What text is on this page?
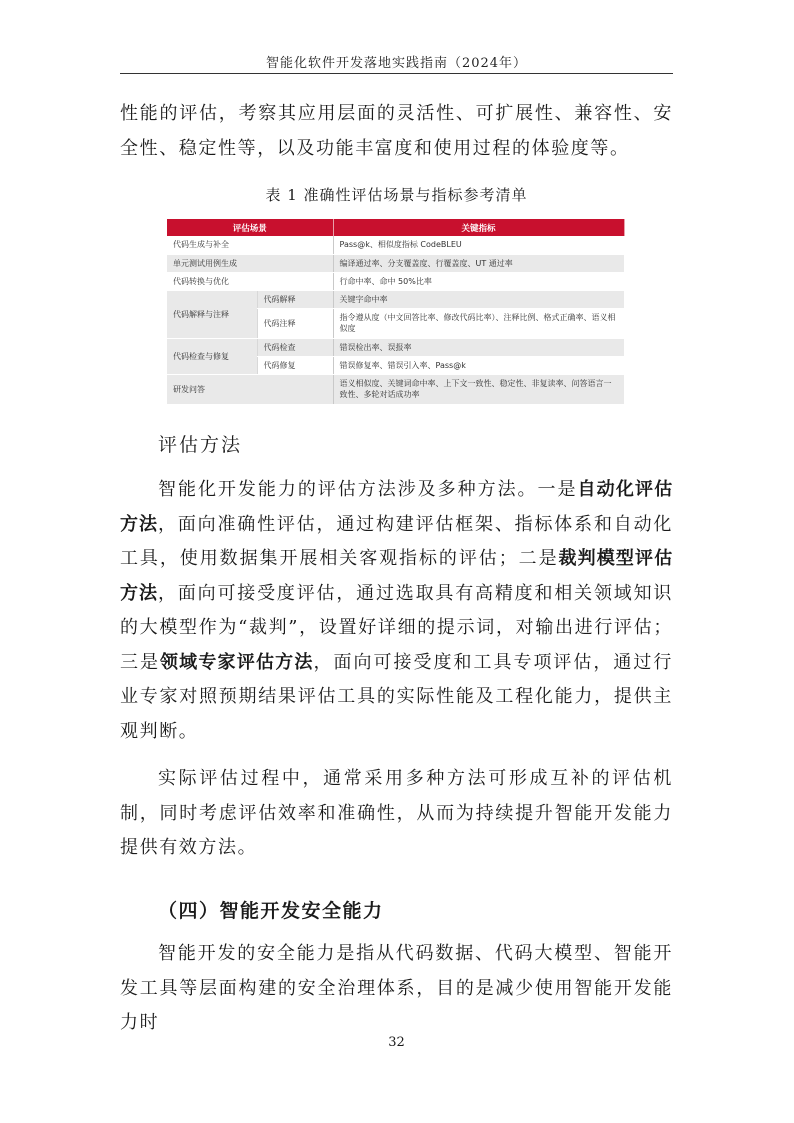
智能化软件开发落地实践指南（2024年）

性能的评估，考察其应用层面的灵活性、可扩展性、兼容性、安全性、稳定性等，以及功能丰富度和使用过程的体验度等。

表 1 准确性评估场景与指标参考清单
评估场景		关键指标
代码生成与补全		Pass@k、相似度指标 CodeBLEU
单元测试用例生成		编译通过率、分支覆盖度、行覆盖度、UT 通过率
代码转换与优化		行命中率、命中 50%比率
代码解释与注释	代码解释	关键字命中率
	代码注释	指令遵从度（中文回答比率、修改代码比率）、注释比例、格式正确率、语义相似度
代码检查与修复	代码检查	错误检出率、误报率
	代码修复	错误修复率、错误引入率、Pass@k
研发问答		语义相似度、关键词命中率、上下文一致性、稳定性、非复读率、问答语言一致性、多轮对话成功率
评估方法

智能化开发能力的评估方法涉及多种方法。一是自动化评估方法，面向准确性评估，通过构建评估框架、指标体系和自动化工具，使用数据集开展相关客观指标的评估；二是裁判模型评估方法，面向可接受度评估，通过选取具有高精度和相关领域知识的大模型作为“裁判”，设置好详细的提示词，对输出进行评估；三是领域专家评估方法，面向可接受度和工具专项评估，通过行业专家对照预期结果评估工具的实际性能及工程化能力，提供主观判断。

实际评估过程中，通常采用多种方法可形成互补的评估机制，同时考虑评估效率和准确性，从而为持续提升智能开发能力提供有效方法。

（四）智能开发安全能力

智能开发的安全能力是指从代码数据、代码大模型、智能开发工具等层面构建的安全治理体系，目的是减少使用智能开发能力时

32
